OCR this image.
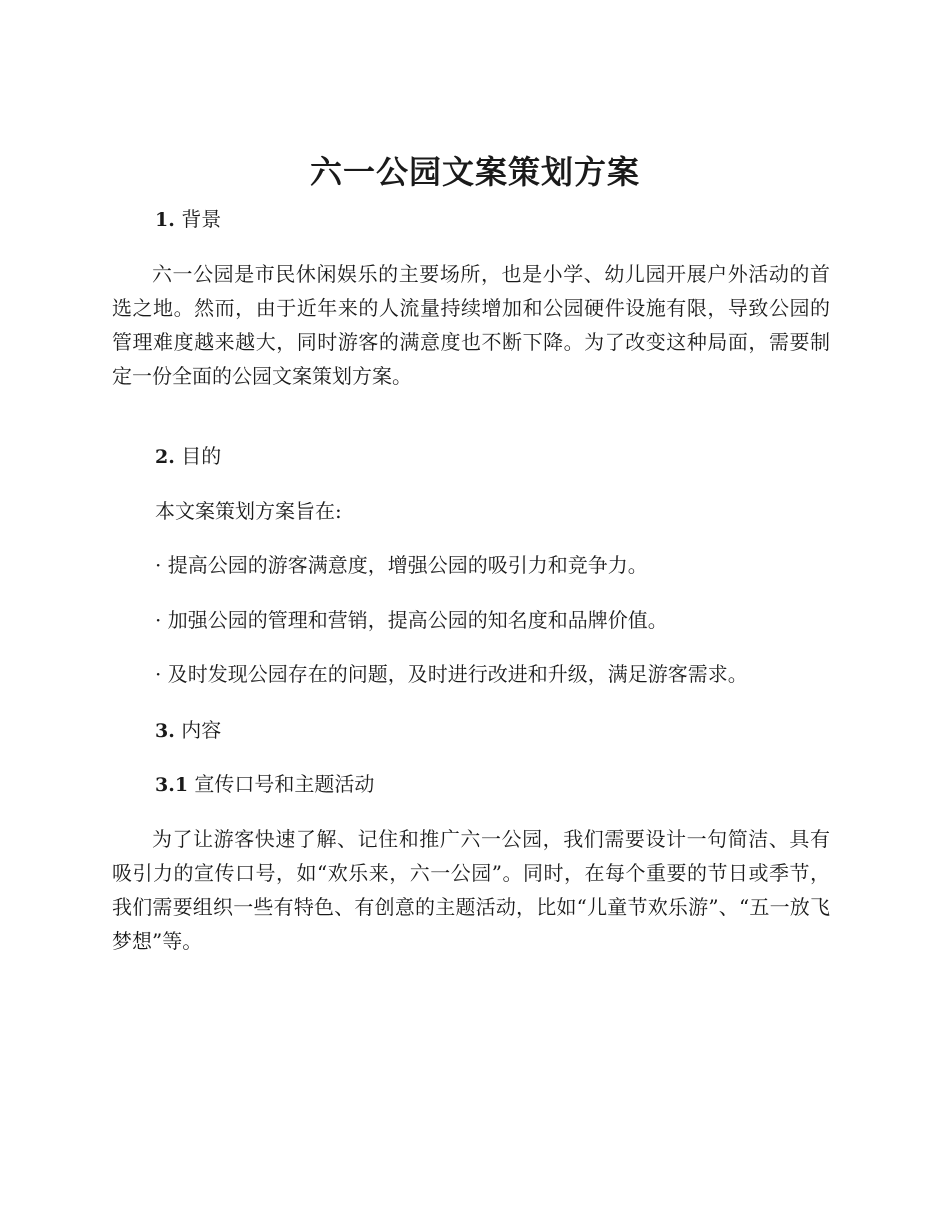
六一公园文案策划方案
1. 背景

六一公园是市民休闲娱乐的主要场所，也是小学、幼儿园开展户外活动的首选之地。然而，由于近年来的人流量持续增加和公园硬件设施有限，导致公园的管理难度越来越大，同时游客的满意度也不断下降。为了改变这种局面，需要制定一份全面的公园文案策划方案。

2. 目的

本文案策划方案旨在:

· 提高公园的游客满意度，增强公园的吸引力和竞争力。

· 加强公园的管理和营销，提高公园的知名度和品牌价值。

· 及时发现公园存在的问题，及时进行改进和升级，满足游客需求。

3. 内容
3.1 宣传口号和主题活动

为了让游客快速了解、记住和推广六一公园，我们需要设计一句简洁、具有吸引力的宣传口号，如“欢乐来，六一公园”。同时，在每个重要的节日或季节，我们需要组织一些有特色、有创意的主题活动，比如“儿童节欢乐游”、“五一放飞梦想”等。
